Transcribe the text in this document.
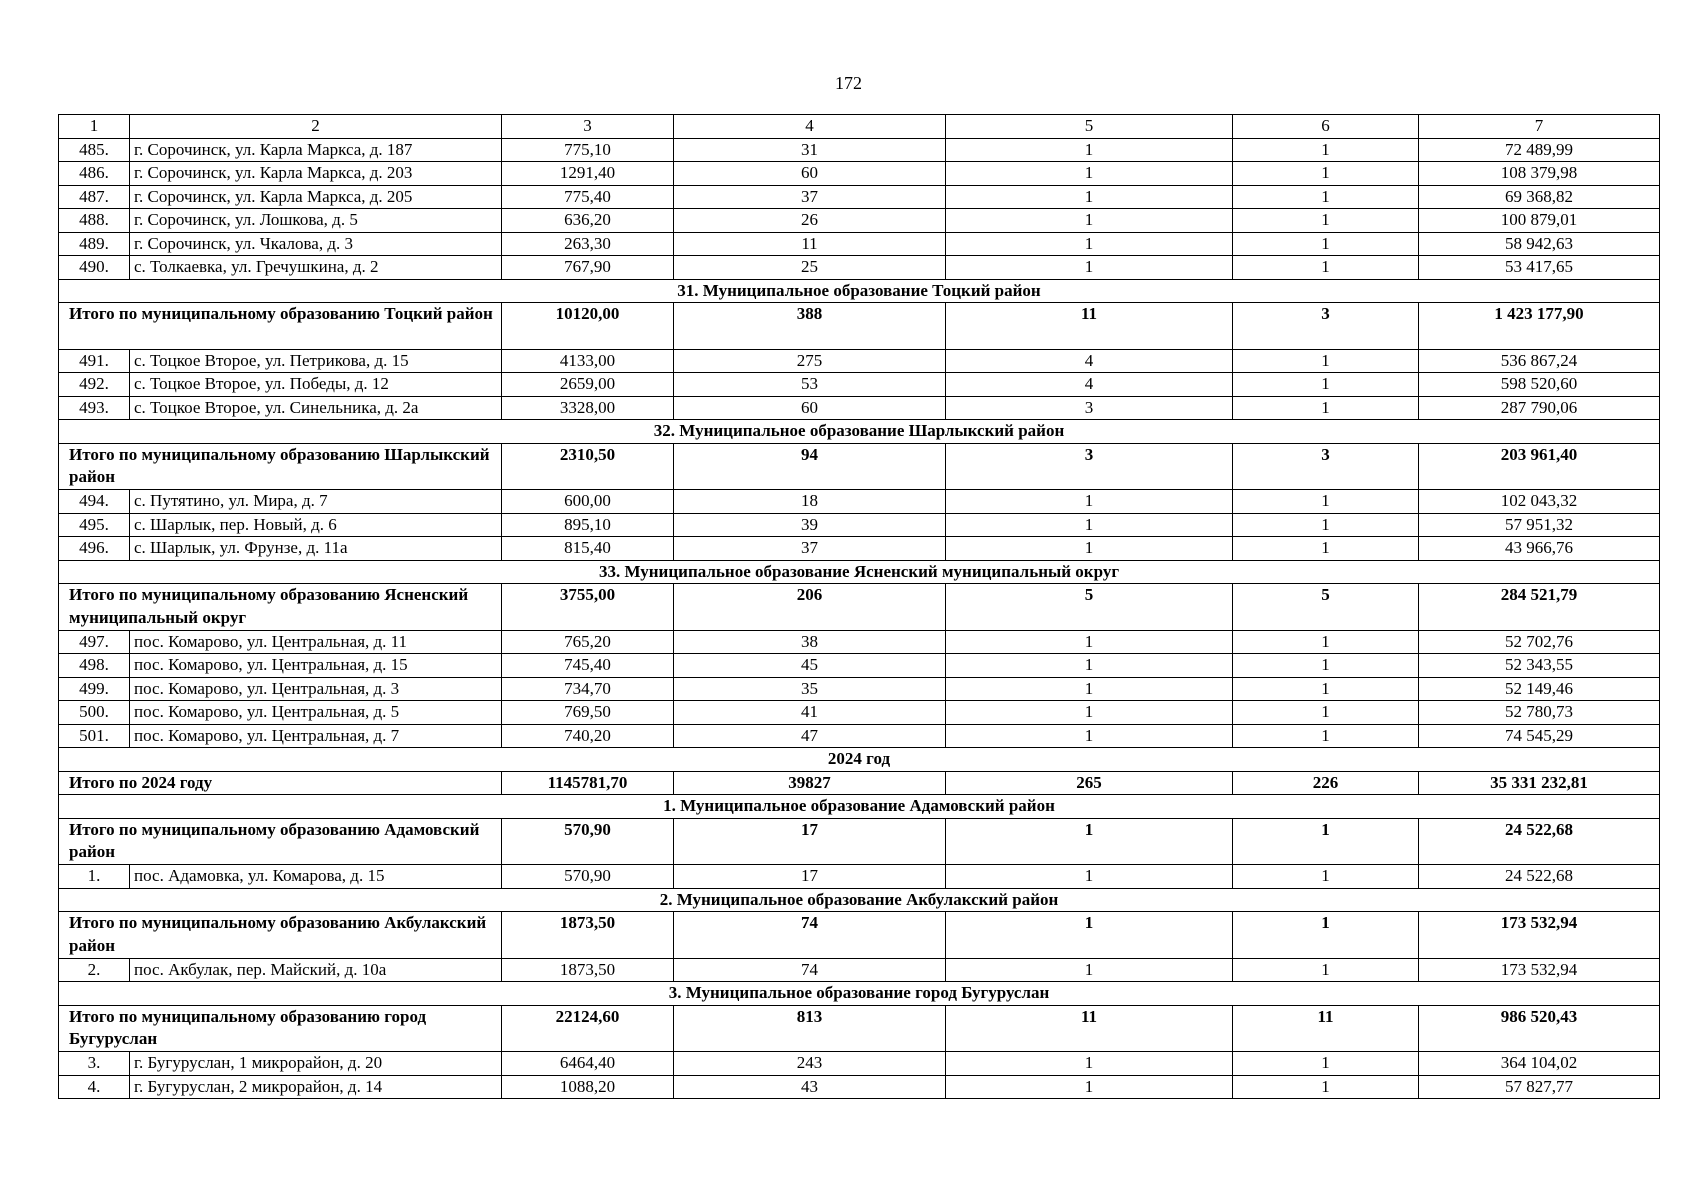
172
1	2	3	4	5	6	7
485.	г. Сорочинск, ул. Карла Маркса, д. 187	775,10	31	1	1	72 489,99
486.	г. Сорочинск, ул. Карла Маркса, д. 203	1291,40	60	1	1	108 379,98
487.	г. Сорочинск, ул. Карла Маркса, д. 205	775,40	37	1	1	69 368,82
488.	г. Сорочинск, ул. Лошкова, д. 5	636,20	26	1	1	100 879,01
489.	г. Сорочинск, ул. Чкалова, д. 3	263,30	11	1	1	58 942,63
490.	с. Толкаевка, ул. Гречушкина, д. 2	767,90	25	1	1	53 417,65
31. Муниципальное образование Тоцкий район						
Итого по муниципальному образованию Тоцкий район		10120,00	388	11	3	1 423 177,90
491.	с. Тоцкое Второе, ул. Петрикова, д. 15	4133,00	275	4	1	536 867,24
492.	с. Тоцкое Второе, ул. Победы, д. 12	2659,00	53	4	1	598 520,60
493.	с. Тоцкое Второе, ул. Синельника, д. 2а	3328,00	60	3	1	287 790,06
32. Муниципальное образование Шарлыкский район						
Итого по муниципальному образованию Шарлыкский район		2310,50	94	3	3	203 961,40
494.	с. Путятино, ул. Мира, д. 7	600,00	18	1	1	102 043,32
495.	с. Шарлык, пер. Новый, д. 6	895,10	39	1	1	57 951,32
496.	с. Шарлык, ул. Фрунзе, д. 11а	815,40	37	1	1	43 966,76
33. Муниципальное образование Ясненский муниципальный округ						
Итого по муниципальному образованию Ясненский муниципальный округ		3755,00	206	5	5	284 521,79
497.	пос. Комарово, ул. Центральная, д. 11	765,20	38	1	1	52 702,76
498.	пос. Комарово, ул. Центральная, д. 15	745,40	45	1	1	52 343,55
499.	пос. Комарово, ул. Центральная, д. 3	734,70	35	1	1	52 149,46
500.	пос. Комарово, ул. Центральная, д. 5	769,50	41	1	1	52 780,73
501.	пос. Комарово, ул. Центральная, д. 7	740,20	47	1	1	74 545,29
2024 год						
Итого по 2024 году		1145781,70	39827	265	226	35 331 232,81
1. Муниципальное образование Адамовский район						
Итого по муниципальному образованию Адамовский район		570,90	17	1	1	24 522,68
1.	пос. Адамовка, ул. Комарова, д. 15	570,90	17	1	1	24 522,68
2. Муниципальное образование Акбулакский район						
Итого по муниципальному образованию Акбулакский район		1873,50	74	1	1	173 532,94
2.	пос. Акбулак, пер. Майский, д. 10а	1873,50	74	1	1	173 532,94
3. Муниципальное образование город Бугуруслан						
Итого по муниципальному образованию город Бугуруслан		22124,60	813	11	11	986 520,43
3.	г. Бугуруслан, 1 микрорайон, д. 20	6464,40	243	1	1	364 104,02
4.	г. Бугуруслан, 2 микрорайон, д. 14	1088,20	43	1	1	57 827,77
